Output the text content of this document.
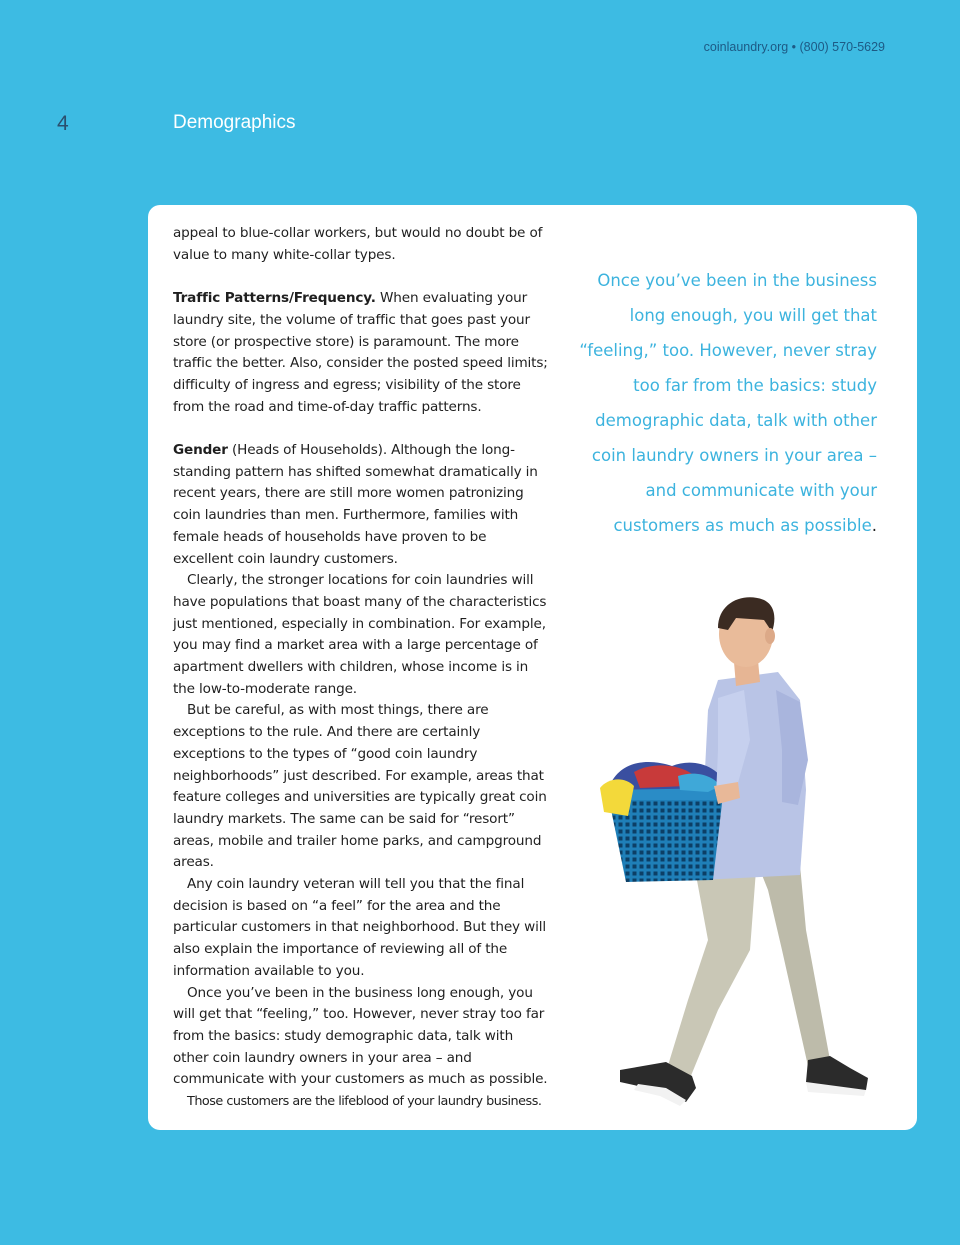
coinlaundry.org • (800) 570-5629
4	Demographics

appeal to blue-collar workers, but would no doubt be of value to many white-collar types.

Traffic Patterns/Frequency. When evaluating your laundry site, the volume of traffic that goes past your store (or prospective store) is paramount. The more traffic the better. Also, consider the posted speed limits; difficulty of ingress and egress; visibility of the store from the road and time-of-day traffic patterns.

Gender (Heads of Households). Although the long-standing pattern has shifted somewhat dramatically in recent years, there are still more women patronizing coin laundries than men. Furthermore, families with female heads of households have proven to be excellent coin laundry customers.

Clearly, the stronger locations for coin laundries will have populations that boast many of the characteristics just mentioned, especially in combination. For example, you may find a market area with a large percentage of apartment dwellers with children, whose income is in the low-to-moderate range.

But be careful, as with most things, there are exceptions to the rule. And there are certainly exceptions to the types of “good coin laundry neighborhoods” just described. For example, areas that feature colleges and universities are typically great coin laundry markets. The same can be said for “resort” areas, mobile and trailer home parks, and campground areas.

Any coin laundry veteran will tell you that the final decision is based on “a feel” for the area and the particular customers in that neighborhood. But they will also explain the importance of reviewing all of the information available to you.

Once you’ve been in the business long enough, you will get that “feeling,” too. However, never stray too far from the basics: study demographic data, talk with other coin laundry owners in your area – and communicate with your customers as much as possible.

Those customers are the lifeblood of your laundry business.

Once you’ve been in the business long enough, you will get that “feeling,” too. However, never stray too far from the basics: study demographic data, talk with other coin laundry owners in your area – and communicate with your customers as much as possible.
